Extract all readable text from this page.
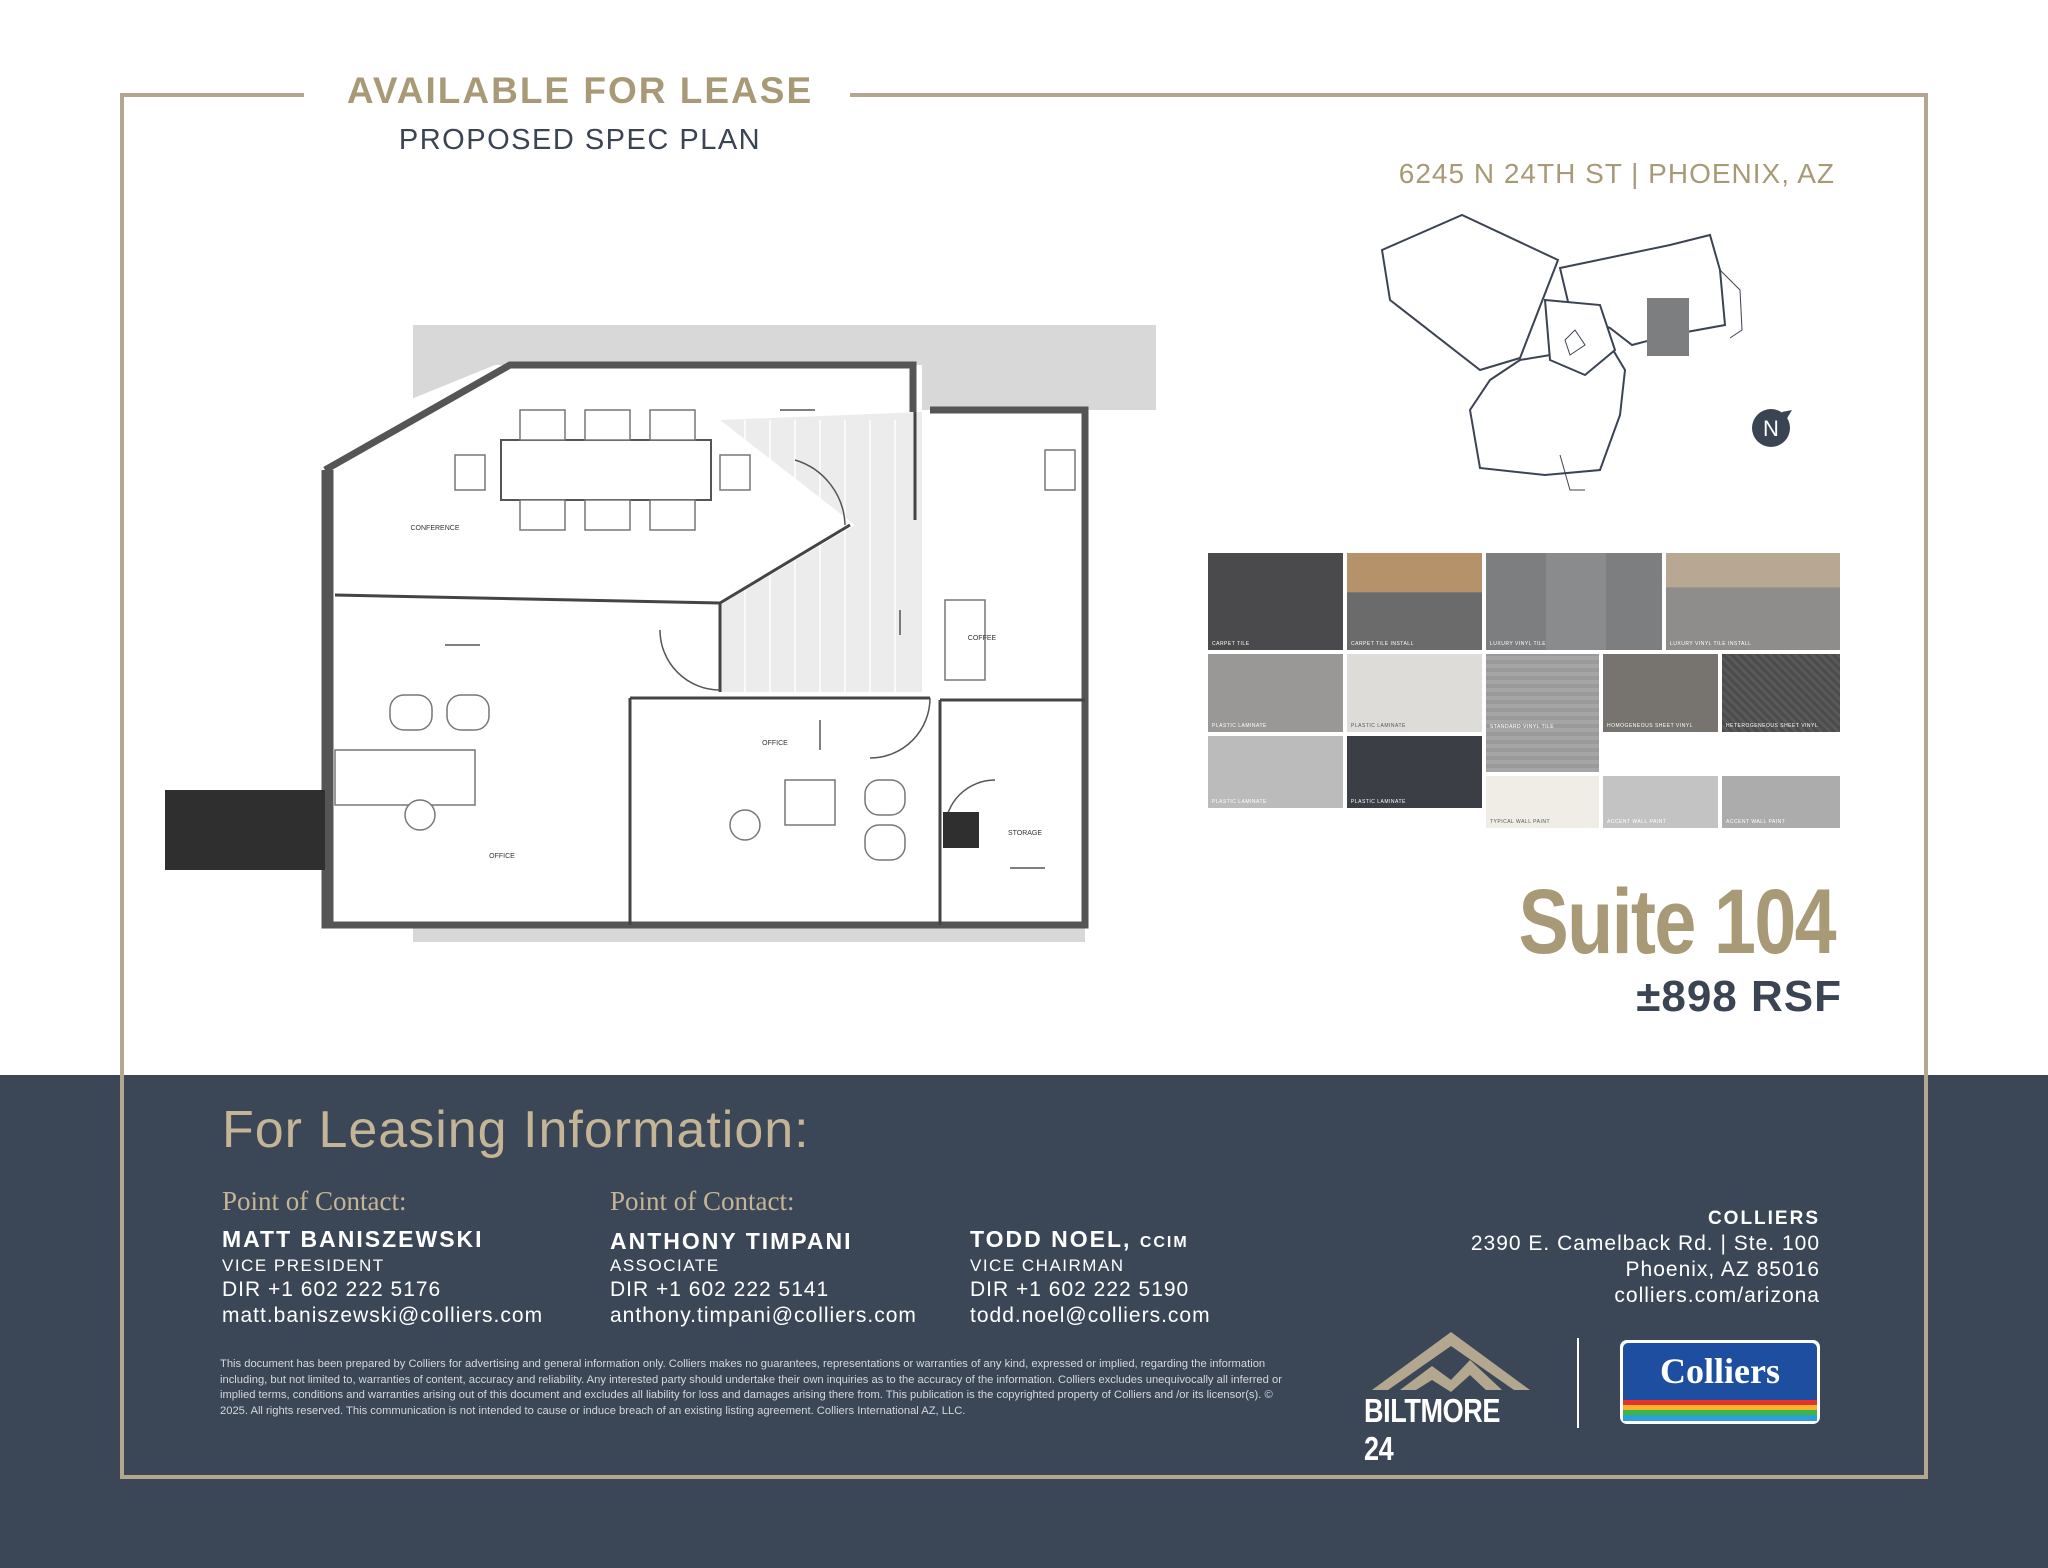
AVAILABLE FOR LEASE
PROPOSED SPEC PLAN
6245 N 24TH ST | PHOENIX, AZ
N
CONFERENCE
OFFICE
OFFICE
COFFEE
STORAGE
CARPET TILE	CARPET TILE INSTALL	LUXURY VINYL TILE	LUXURY VINYL TILE INSTALL
PLASTIC LAMINATE	PLASTIC LAMINATE	STANDARD VINYL TILE	HOMOGENEOUS SHEET VINYL	HETEROGENEOUS SHEET VINYL
PLASTIC LAMINATE	PLASTIC LAMINATE
TYPICAL WALL PAINT	ACCENT WALL PAINT	ACCENT WALL PAINT
Suite 104
±898 RSF
For Leasing Information:
Point of Contact:
MATT BANISZEWSKI
VICE PRESIDENT
DIR +1 602 222 5176
matt.baniszewski@colliers.com
Point of Contact:
ANTHONY TIMPANI
ASSOCIATE
DIR +1 602 222 5141
anthony.timpani@colliers.com
TODD NOEL, CCIM
VICE CHAIRMAN
DIR +1 602 222 5190
todd.noel@colliers.com
COLLIERS
2390 E. Camelback Rd. | Ste. 100
Phoenix, AZ 85016
colliers.com/arizona
This document has been prepared by Colliers for advertising and general information only. Colliers makes no guarantees, representations or warranties of any kind, expressed or implied, regarding the information including, but not limited to, warranties of content, accuracy and reliability. Any interested party should undertake their own inquiries as to the accuracy of the information. Colliers excludes unequivocally all inferred or implied terms, conditions and warranties arising out of this document and excludes all liability for loss and damages arising there from. This publication is the copyrighted property of Colliers and /or its licensor(s). © 2025. All rights reserved. This communication is not intended to cause or induce breach of an existing listing agreement. Colliers International AZ, LLC.	BILTMORE 24
Colliers
